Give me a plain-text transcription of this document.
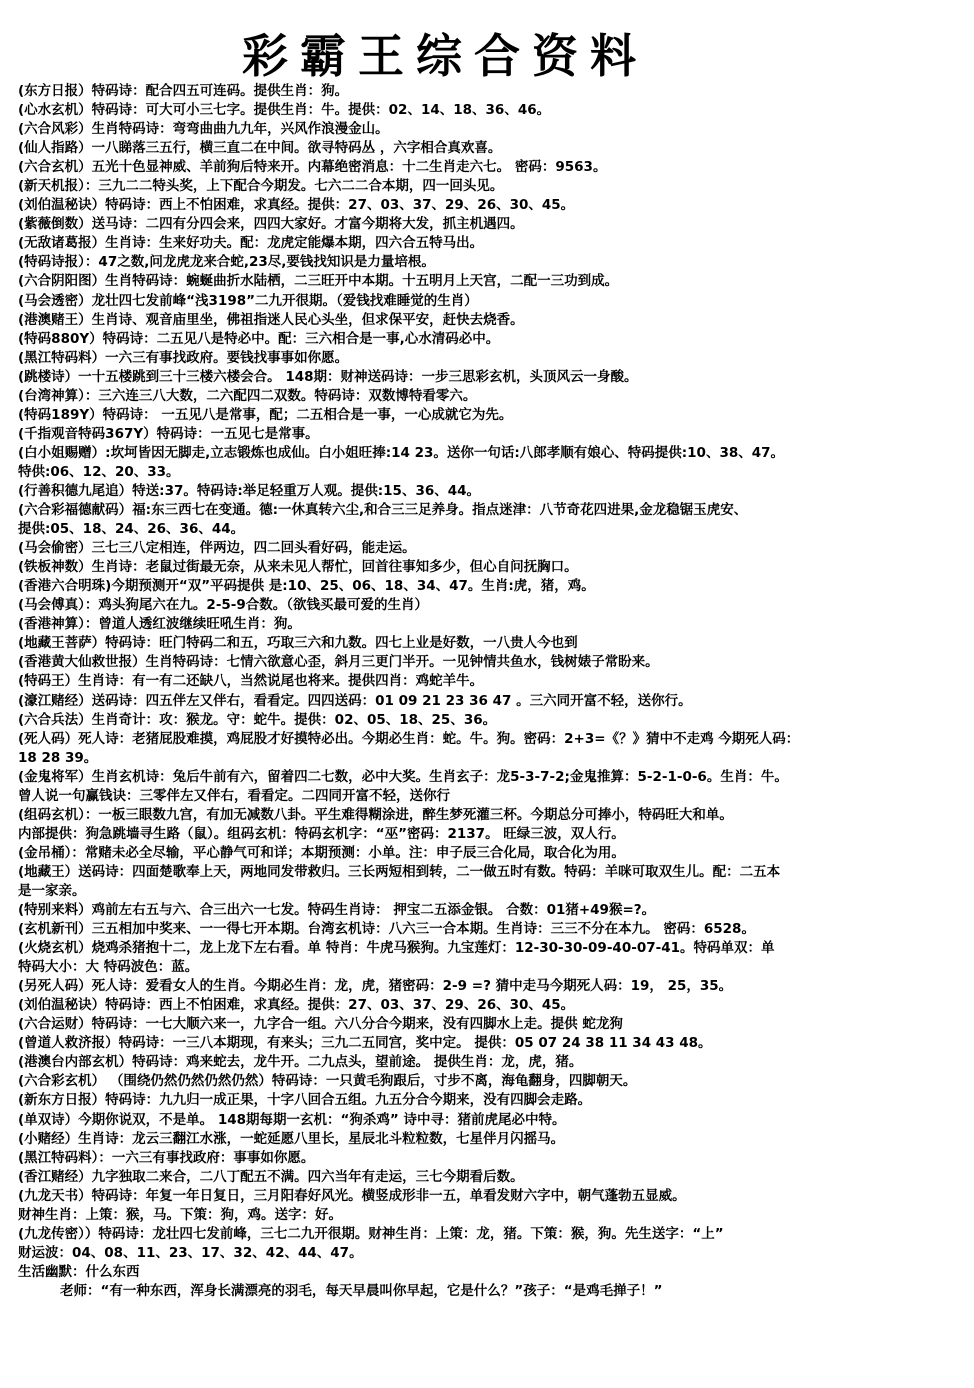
彩霸王综合资料
(东方日报）特码诗：配合四五可连码。提供生肖：狗。
(心水玄机）特码诗：可大可小三七字。提供生肖：牛。提供：02、14、18、36、46。
(六合风彩）生肖特码诗：弯弯曲曲九九年，兴风作浪漫金山。
(仙人指路）一八睇落三五行，横三直二在中间。欲寻特码丛 ，六字相合真欢喜。
(六合玄机）五光十色显神威、羊前狗后特来开。内幕绝密消息：十二生肖走六七。 密码：9563。
(新天机报）：三九二二特头奖，上下配合今期发。七六二二合本期，四一回头见。
(刘伯温秘诀）特码诗：西上不怕困难，求真经。提供：27、03、37、29、26、30、45。
(紫薇倒数）送马诗：二四有分四会来，四四大家好。才富今期将大发，抓主机遇四。
(无敌诸葛报）生肖诗：生来好功夫。配：龙虎定能爆本期，四六合五特马出。
(特码诗报）：47之数,问龙虎龙来合蛇,23尽,要钱找知识是力量培根。
(六合阴阳图）生肖特码诗：蜿蜒曲折水陆栖，二三旺开中本期。十五明月上天宫，二配一三功到成。
(马会透密）龙壮四七发前峰“浅3198”二九开很期。（爱钱找难睡觉的生肖）
(港澳赌王）生肖诗、观音庙里坐，佛祖指迷人民心头坐，但求保平安，赶快去烧香。
(特码880Y）特码诗：二五见八是特必中。配：三六相合是一事,心水清码必中。
(黑江特码料）一六三有事找政府。要钱找事事如你愿。
(跳楼诗）一十五楼跳到三十三楼六楼会合。 148期：财神送码诗：一步三思彩玄机，头顶风云一身酸。
(台湾神算）：三六连三八大数，二六配四二双数。特码诗：双数博特看零六。
(特码189Y）特码诗： 一五见八是常事，配；二五相合是一事，一心成就它为先。
(千指观音特码367Y）特码诗：一五见七是常事。
(白小姐赐赠）:坎坷皆因无脚走,立志锻炼也成仙。白小姐旺捧:14 23。送你一句话:八郎孝顺有娘心、特码提供:10、38、47。
特供:06、12、20、33。
(行善积德九尾追）特送:37。特码诗:举足轻重万人观。提供:15、36、44。
(六合彩福德献码）福:东三西七在变通。德:一休真转六尘,和合三三足养身。指点迷津：八节奇花四进果,金龙稳锯玉虎安、
提供:05、18、24、26、36、44。
(马会偷密）三七三八定相连，伴两边，四二回头看好码，能走运。
(铁板神数）生肖诗：老鼠过街最无奈，从来未见人帮忙，回首往事知多少，但心自问抚胸口。
(香港六合明珠)今期预测开“双”平码提供 是:10、25、06、18、34、47。生肖:虎，猪，鸡。
(马会傅真）：鸡头狗尾六在九。2-5-9合数。（欲钱买最可爱的生肖）
(香港神算）：曾道人透红波继续旺吼生肖：狗。
(地藏王菩萨）特码诗：旺门特码二和五，巧取三六和九数。四七上业是好数，一八贵人今也到
(香港黄大仙救世报）生肖特码诗：七情六欲意心歪，斜月三更门半开。一见钟情共鱼水，钱树婊子常盼来。
(特码王）生肖诗：有一有二还缺八，当然说尾也将来。提供四肖：鸡蛇羊牛。
(濠江赌经）送码诗：四五伴左又伴右，看看定。四四送码：01 09 21 23 36 47 。三六同开富不轻，送你行。
(六合兵法）生肖奇计：攻：猴龙。守：蛇牛。提供：02、05、18、25、36。
(死人码）死人诗：老猪屁股难摸，鸡屁股才好摸特必出。今期必生肖：蛇。牛。狗。密码：2+3=《？》猜中不走鸡 今期死人码：
18 28 39。
(金鬼将军）生肖玄机诗：兔后牛前有六，留着四二七数，必中大奖。生肖玄子：龙5-3-7-2;金鬼推算：5-2-1-0-6。生肖：牛。
曾人说一句赢钱诀：三零伴左又伴右，看看定。二四同开富不轻，送你行
(组码玄机）：一板三眼数九宫，有加无减数八卦。平生难得糊涂进，醉生梦死灌三杯。今期总分可捧小，特码旺大和单。
内部提供：狗急跳墙寻生路（鼠）。组码玄机：特码玄机字：“巫”密码：2137。 旺绿三波，双人行。
(金吊桶）：常赌未必全尽输，平心静气可和详；本期预测：小单。注：申子辰三合化局，取合化为用。
(地藏王）送码诗：四面楚歌奉上天，两地同发带救归。三长两短相到转，二一做五时有数。特码：羊咪可取双生儿。配：二五本
是一家亲。
(特别来料）鸡前左右五与六、合三出六一七发。特码生肖诗： 押宝二五添金银。 合数：01猪+49猴=?。
(玄机新刊）三五相加中奖来、一一得七开本期。台湾玄机诗：八六三一合本期。生肖诗：三三不分在本九。 密码：6528。
(火烧玄机）烧鸡杀猪抱十二，龙上龙下左右看。单 特肖：牛虎马猴狗。九宝莲灯：12-30-30-09-40-07-41。特码单双：单
特码大小：大 特码波色：蓝。
(另死人码）死人诗：爱看女人的生肖。今期必生肖：龙，虎，猪密码：2-9 =? 猜中走马今期死人码：19， 25，35。
(刘伯温秘诀）特码诗：西上不怕困难，求真经。提供：27、03、37、29、26、30、45。
(六合运财）特码诗：一七大顺六来一，九字合一组。六八分合今期来，没有四脚水上走。提供 蛇龙狗
(曾道人救济报）特码诗：一三八本期现，有来头；三九二五同宫，奖中定。 提供：05 07 24 38 11 34 43 48。
(港澳台内部玄机）特码诗：鸡来蛇去，龙牛开。二九点头，望前途。 提供生肖：龙，虎，猪。
(六合彩玄机） （围绕仍然仍然仍然仍然）特码诗：一只黄毛狗跟后，寸步不离，海龟翻身，四脚朝天。
(新东方日报）特码诗：九九归一成正果，十字八回合五组。九五分合今期来，没有四脚会走路。
(单双诗）今期你说双，不是单。 148期每期一玄机：“狗杀鸡” 诗中寻：猪前虎尾必中特。
(小赌经）生肖诗：龙云三翻江水涨，一蛇延愿八里长，星辰北斗粒粒数，七星伴月闪摇马。
(黑江特码料）：一六三有事找政府：事事如你愿。
(香江赌经）九字独取二来合，二八丁配五不满。四六当年有走运，三七今期看后数。
(九龙天书）特码诗：年复一年日复日，三月阳春好风光。横竖成形非一五，单看发财六字中，朝气蓬勃五显威。
财神生肖：上策：猴，马。下策：狗，鸡。送字：好。
(九龙传密））特码诗：龙壮四七发前峰，三七二九开很期。财神生肖：上策：龙，猪。下策：猴，狗。先生送字：“上”
财运波：04、08、11、23、17、32、42、44、47。
生活幽默：什么东西
老师：“有一种东西，浑身长满漂亮的羽毛，每天早晨叫你早起，它是什么？”孩子：“是鸡毛掸子！”
